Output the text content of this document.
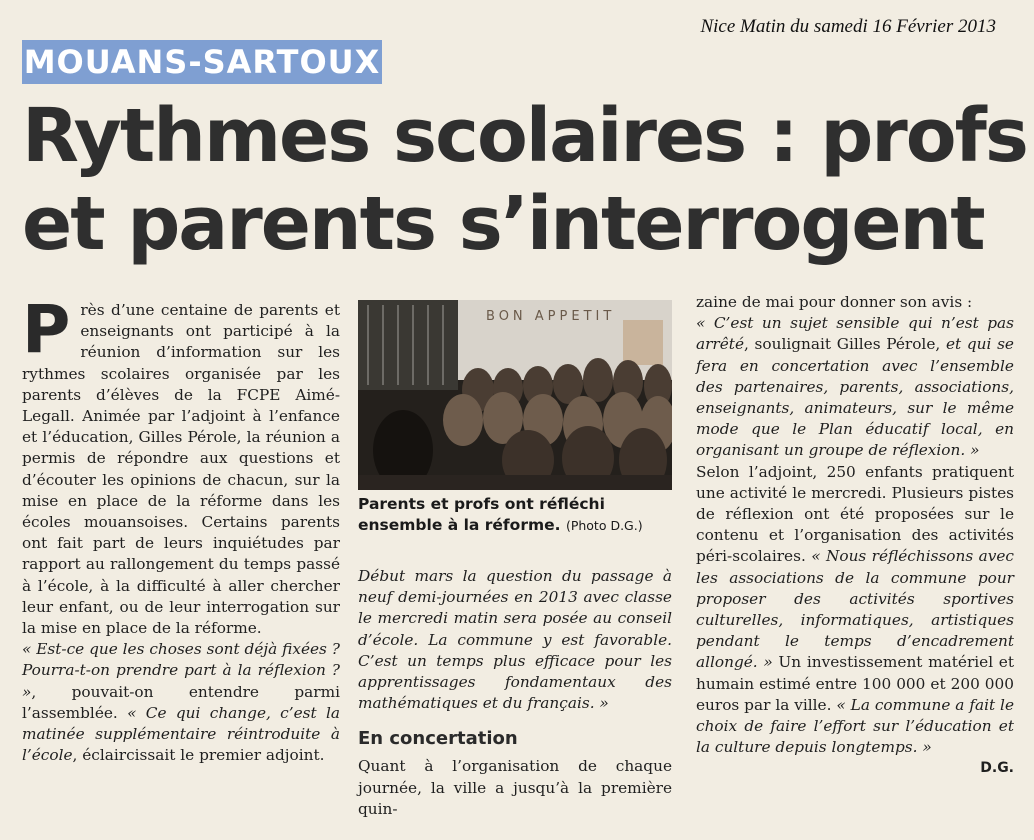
Nice Matin du samedi 16 Février 2013
MOUANS-SARTOUX
Rythmes scolaires : profs
et parents s’interrogent

Près d’une centaine de parents et enseignants ont participé à la réunion d’information sur les rythmes scolaires organisée par les parents d’élèves de la FCPE Aimé-Legall. Animée par l’adjoint à l’enfance et l’éducation, Gilles Pérole, la réunion a permis de répondre aux questions et d’écouter les opinions de chacun, sur la mise en place de la réforme dans les écoles mouansoises. Certains parents ont fait part de leurs inquiétudes par rapport au rallongement du temps passé à l’école, à la difficulté à aller chercher leur enfant, ou de leur interrogation sur la mise en place de la réforme.

« Est-ce que les choses sont déjà fixées ? Pourra-t-on prendre part à la réflexion ? », pouvait-on entendre parmi l’assemblée. « Ce qui change, c’est la matinée supplémentaire réintroduite à l’école, éclaircissait le premier adjoint.

BON APPETIT
Parents et profs ont réfléchi ensemble à la réforme. (Photo D.G.)

Début mars la question du passage à neuf demi-journées en 2013 avec classe le mercredi matin sera posée au conseil d’école. La commune y est favorable. C’est un temps plus efficace pour les apprentissages fondamentaux des mathématiques et du français. »

En concertation

Quant à l’organisation de chaque journée, la ville a jusqu’à la première quin-

zaine de mai pour donner son avis :
« C’est un sujet sensible qui n’est pas arrêté, soulignait Gilles Pérole, et qui se fera en concertation avec l’ensemble des partenaires, parents, associations, enseignants, animateurs, sur le même mode que le Plan éducatif local, en organisant un groupe de réflexion. »

Selon l’adjoint, 250 enfants pratiquent une activité le mercredi. Plusieurs pistes de réflexion ont été proposées sur le contenu et l’organisation des activités péri-scolaires. « Nous réfléchissons avec les associations de la commune pour proposer des activités sportives culturelles, informatiques, artistiques pendant le temps d’encadrement allongé. » Un investissement matériel et humain estimé entre 100 000 et 200 000 euros par la ville. « La commune a fait le choix de faire l’effort sur l’éducation et la culture depuis longtemps. »
D.G.
